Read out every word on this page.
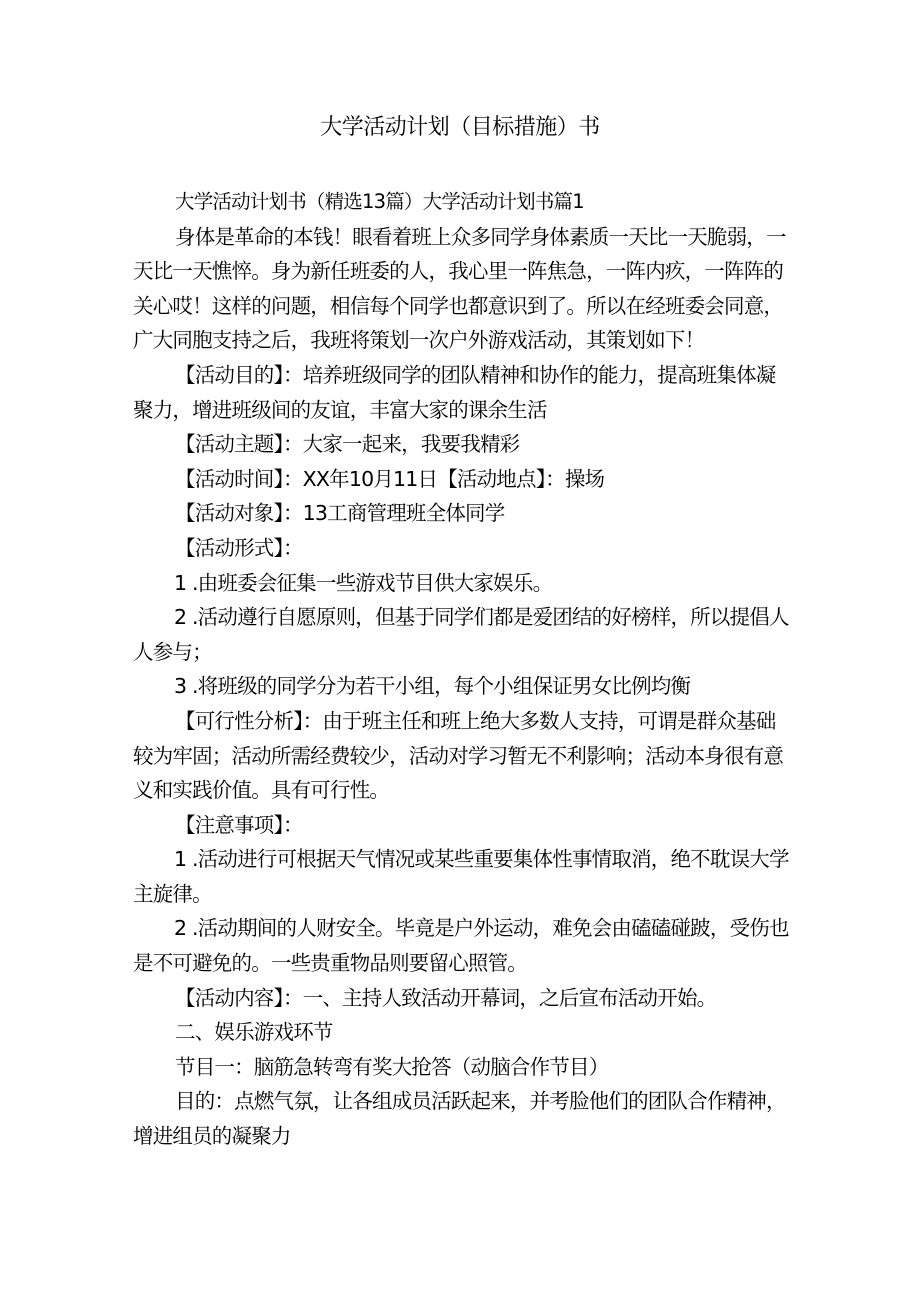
大学活动计划（目标措施）书

大学活动计划书（精选13篇）大学活动计划书篇1

身体是革命的本钱！眼看着班上众多同学身体素质一天比一天脆弱，一天比一天憔悴。身为新任班委的人，我心里一阵焦急，一阵内疚，一阵阵的关心哎！这样的问题，相信每个同学也都意识到了。所以在经班委会同意，广大同胞支持之后，我班将策划一次户外游戏活动，其策划如下！

【活动目的】：培养班级同学的团队精神和协作的能力，提高班集体凝聚力，增进班级间的友谊，丰富大家的课余生活

【活动主题】：大家一起来，我要我精彩

【活动时间】：XX年10月11日【活动地点】：操场

【活动对象】：13工商管理班全体同学

【活动形式】：

1 .由班委会征集一些游戏节目供大家娱乐。

2 .活动遵行自愿原则，但基于同学们都是爱团结的好榜样，所以提倡人人参与；

3 .将班级的同学分为若干小组，每个小组保证男女比例均衡

【可行性分析】：由于班主任和班上绝大多数人支持，可谓是群众基础较为牢固；活动所需经费较少，活动对学习暂无不利影响；活动本身很有意义和实践价值。具有可行性。

【注意事项】：

1 .活动进行可根据天气情况或某些重要集体性事情取消，绝不耽误大学主旋律。

2 .活动期间的人财安全。毕竟是户外运动，难免会由磕磕碰跛，受伤也是不可避免的。一些贵重物品则要留心照管。

【活动内容】：一、主持人致活动开幕词，之后宣布活动开始。

二、娱乐游戏环节

节目一：脑筋急转弯有奖大抢答（动脑合作节目）

目的：点燃气氛，让各组成员活跃起来，并考脸他们的团队合作精神，增进组员的凝聚力
